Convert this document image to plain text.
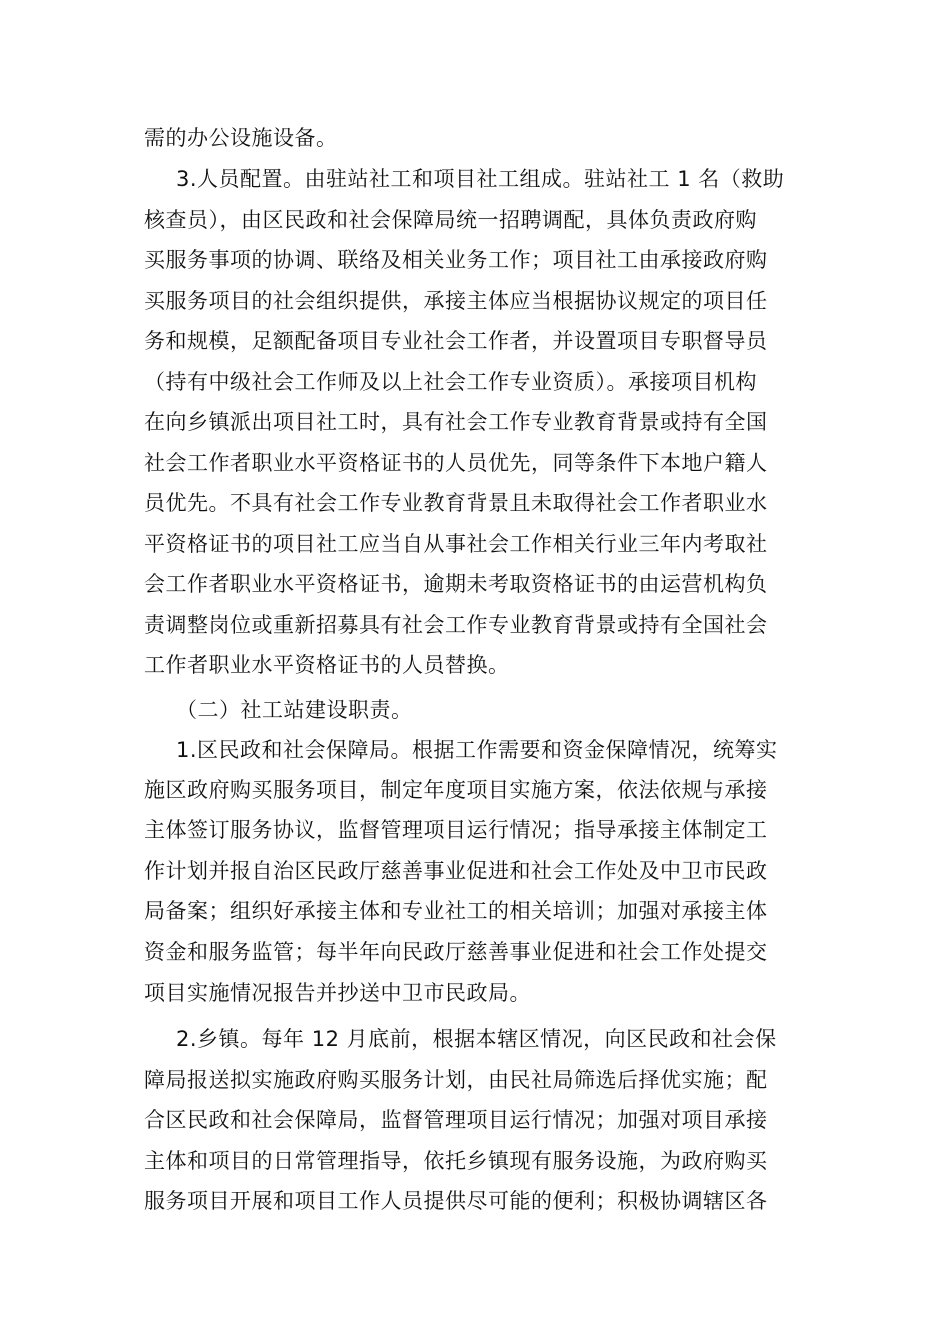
需的办公设施设备。
3.人员配置。由驻站社工和项目社工组成。驻站社工 1 名（救助
核查员），由区民政和社会保障局统一招聘调配，具体负责政府购
买服务事项的协调、联络及相关业务工作；项目社工由承接政府购
买服务项目的社会组织提供，承接主体应当根据协议规定的项目任
务和规模，足额配备项目专业社会工作者，并设置项目专职督导员
（持有中级社会工作师及以上社会工作专业资质）。承接项目机构
在向乡镇派出项目社工时，具有社会工作专业教育背景或持有全国
社会工作者职业水平资格证书的人员优先，同等条件下本地户籍人
员优先。不具有社会工作专业教育背景且未取得社会工作者职业水
平资格证书的项目社工应当自从事社会工作相关行业三年内考取社
会工作者职业水平资格证书，逾期未考取资格证书的由运营机构负
责调整岗位或重新招募具有社会工作专业教育背景或持有全国社会
工作者职业水平资格证书的人员替换。
（二）社工站建设职责。
1.区民政和社会保障局。根据工作需要和资金保障情况，统筹实
施区政府购买服务项目，制定年度项目实施方案，依法依规与承接
主体签订服务协议，监督管理项目运行情况；指导承接主体制定工
作计划并报自治区民政厅慈善事业促进和社会工作处及中卫市民政
局备案；组织好承接主体和专业社工的相关培训；加强对承接主体
资金和服务监管；每半年向民政厅慈善事业促进和社会工作处提交
项目实施情况报告并抄送中卫市民政局。
2.乡镇。每年 12 月底前，根据本辖区情况，向区民政和社会保
障局报送拟实施政府购买服务计划，由民社局筛选后择优实施；配
合区民政和社会保障局，监督管理项目运行情况；加强对项目承接
主体和项目的日常管理指导，依托乡镇现有服务设施，为政府购买
服务项目开展和项目工作人员提供尽可能的便利；积极协调辖区各
